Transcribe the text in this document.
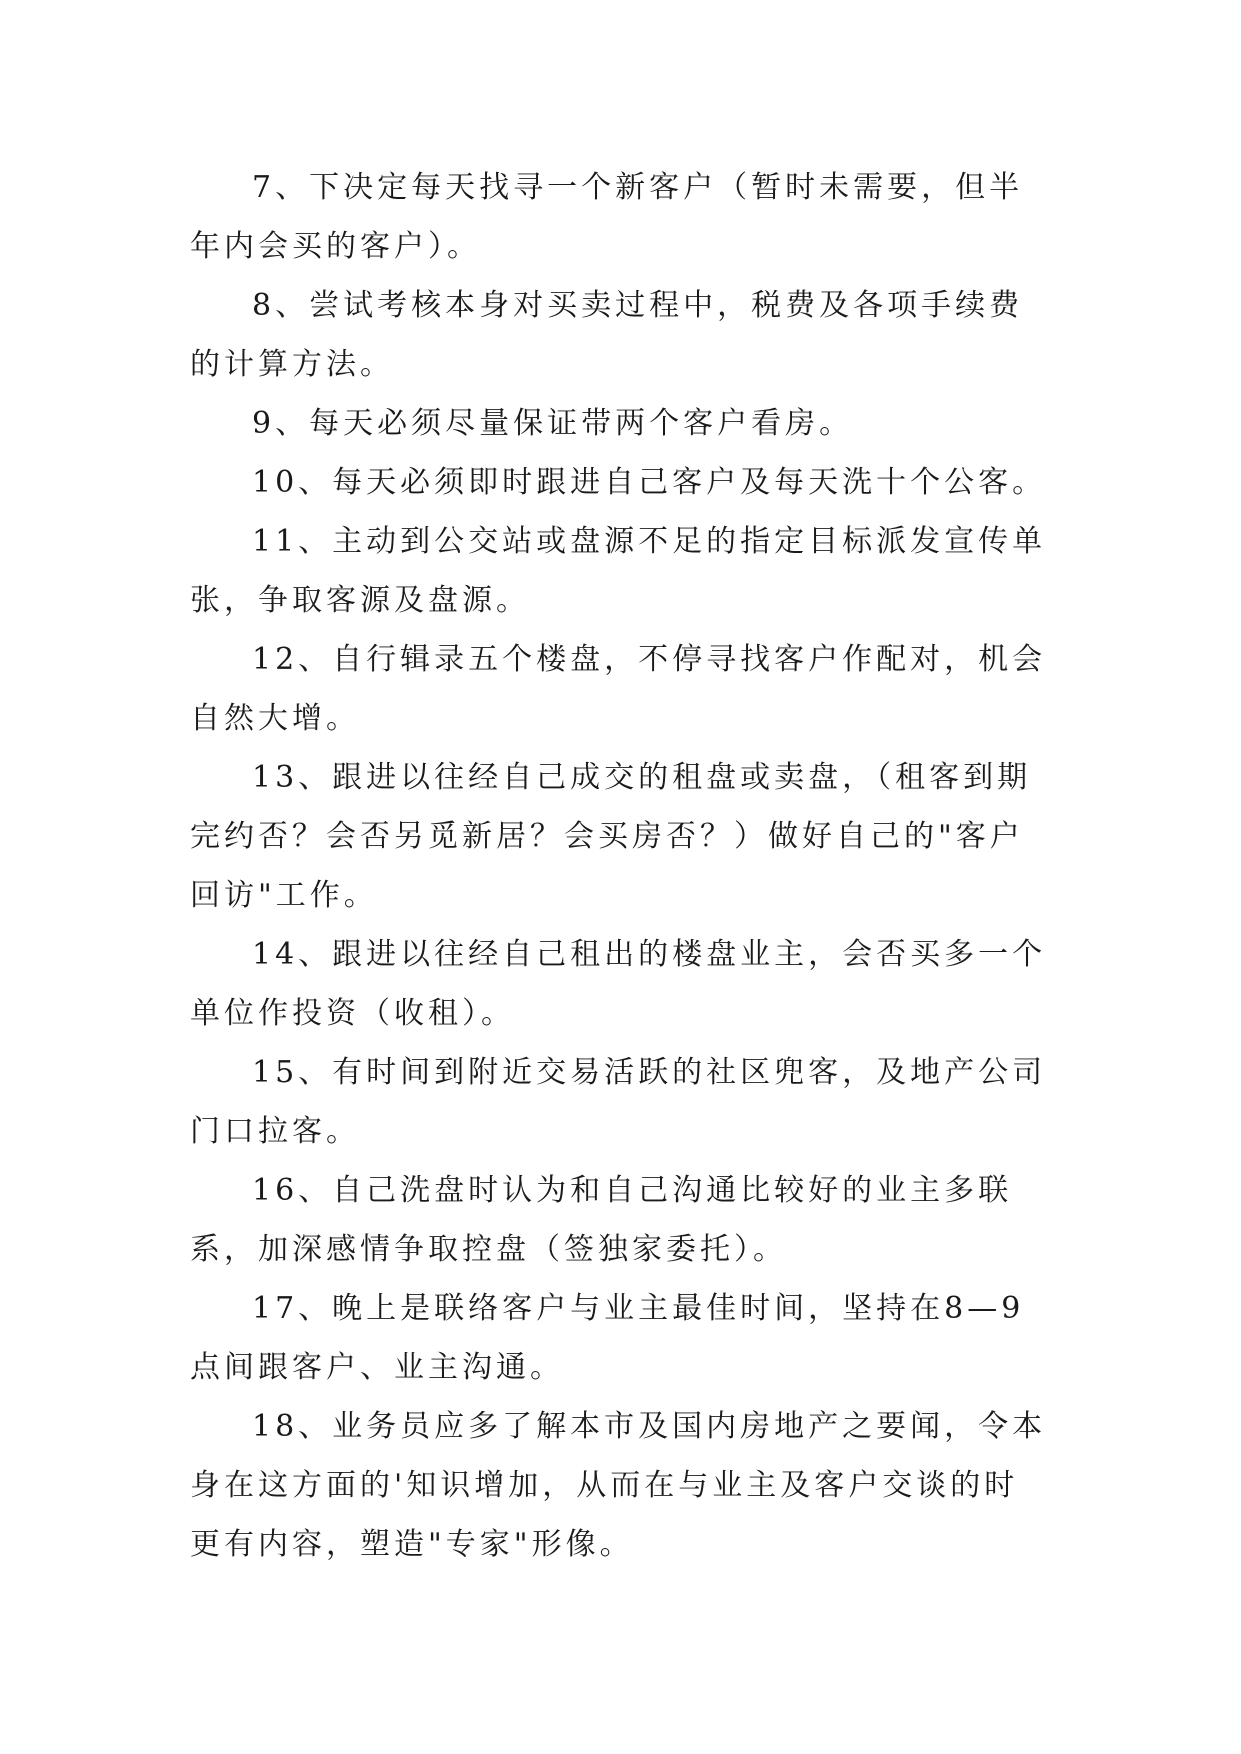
7、下决定每天找寻一个新客户（暂时未需要，但半年内会买的客户）。

8、尝试考核本身对买卖过程中，税费及各项手续费的计算方法。

9、每天必须尽量保证带两个客户看房。

10、每天必须即时跟进自己客户及每天洗十个公客。

11、主动到公交站或盘源不足的指定目标派发宣传单张，争取客源及盘源。

12、自行辑录五个楼盘，不停寻找客户作配对，机会自然大增。

13、跟进以往经自己成交的租盘或卖盘，（租客到期完约否？会否另觅新居？会买房否？）做好自己的"客户回访"工作。

14、跟进以往经自己租出的楼盘业主，会否买多一个单位作投资（收租）。

15、有时间到附近交易活跃的社区兜客，及地产公司门口拉客。

16、自己洗盘时认为和自己沟通比较好的业主多联系，加深感情争取控盘（签独家委托）。

17、晚上是联络客户与业主最佳时间，坚持在8—9点间跟客户、业主沟通。

18、业务员应多了解本市及国内房地产之要闻，令本身在这方面的'知识增加，从而在与业主及客户交谈的时更有内容，塑造"专家"形像。
